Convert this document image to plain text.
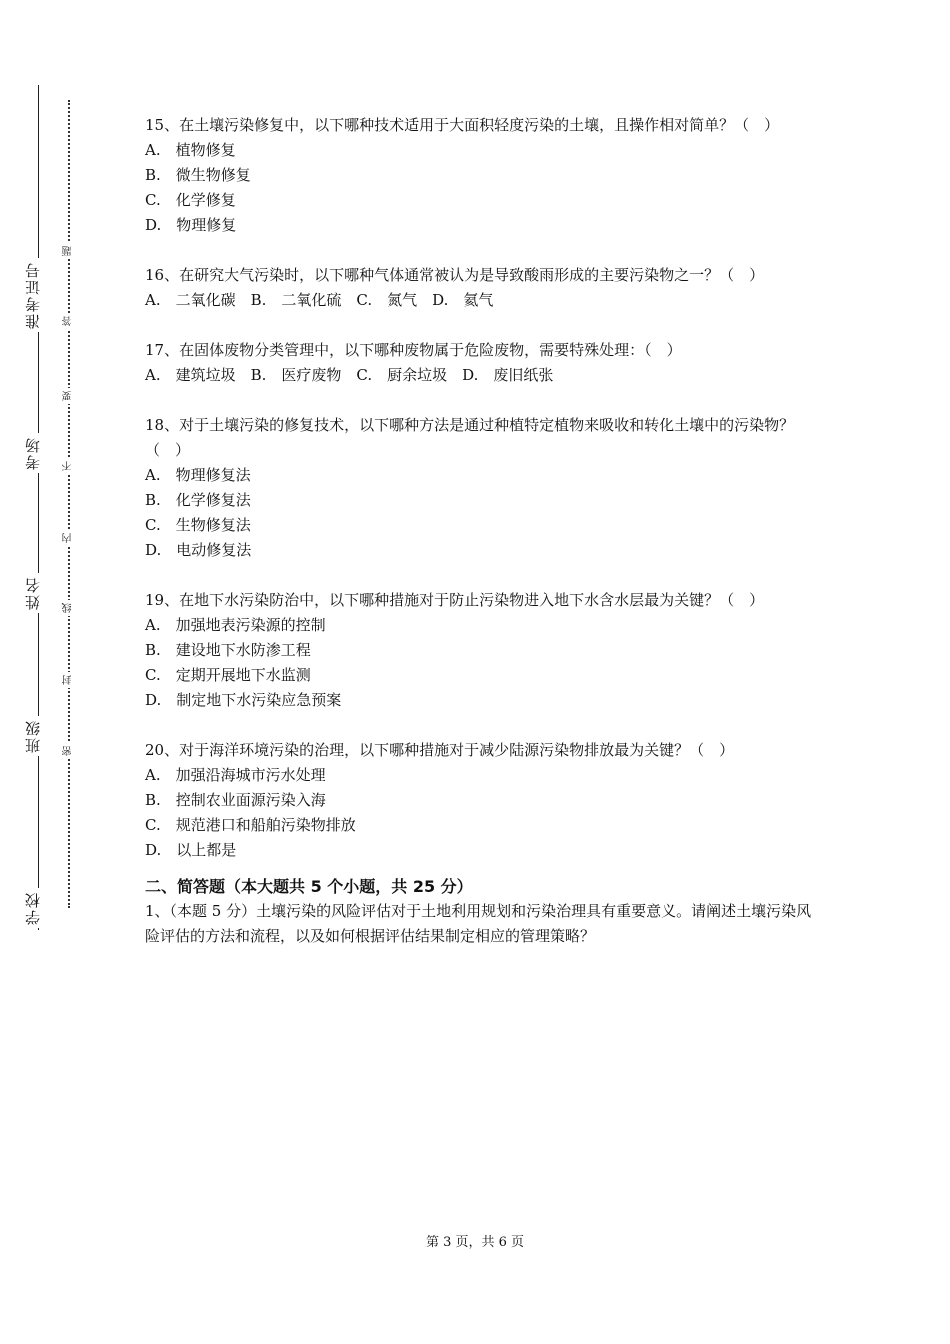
准考证号
考场
姓名
班级
学校
题
答
要
不
内
线
封
密

15、在土壤污染修复中，以下哪种技术适用于大面积轻度污染的土壤，且操作相对简单？（　）

A.　植物修复

B.　微生物修复

C.　化学修复

D.　物理修复

16、在研究大气污染时，以下哪种气体通常被认为是导致酸雨形成的主要污染物之一？（　）

A.　二氧化碳　B.　二氧化硫　C.　氮气　D.　氦气

17、在固体废物分类管理中，以下哪种废物属于危险废物，需要特殊处理：（　）

A.　建筑垃圾　B.　医疗废物　C.　厨余垃圾　D.　废旧纸张

18、对于土壤污染的修复技术，以下哪种方法是通过种植特定植物来吸收和转化土壤中的污染物？（　）

A.　物理修复法

B.　化学修复法

C.　生物修复法

D.　电动修复法

19、在地下水污染防治中，以下哪种措施对于防止污染物进入地下水含水层最为关键？（　）

A.　加强地表污染源的控制

B.　建设地下水防渗工程

C.　定期开展地下水监测

D.　制定地下水污染应急预案

20、对于海洋环境污染的治理，以下哪种措施对于减少陆源污染物排放最为关键？（　）

A.　加强沿海城市污水处理

B.　控制农业面源污染入海

C.　规范港口和船舶污染物排放

D.　以上都是

二、简答题（本大题共 5 个小题，共 25 分）

1、（本题 5 分）土壤污染的风险评估对于土地利用规划和污染治理具有重要意义。请阐述土壤污染风险评估的方法和流程，以及如何根据评估结果制定相应的管理策略？

第 3 页，共 6 页
